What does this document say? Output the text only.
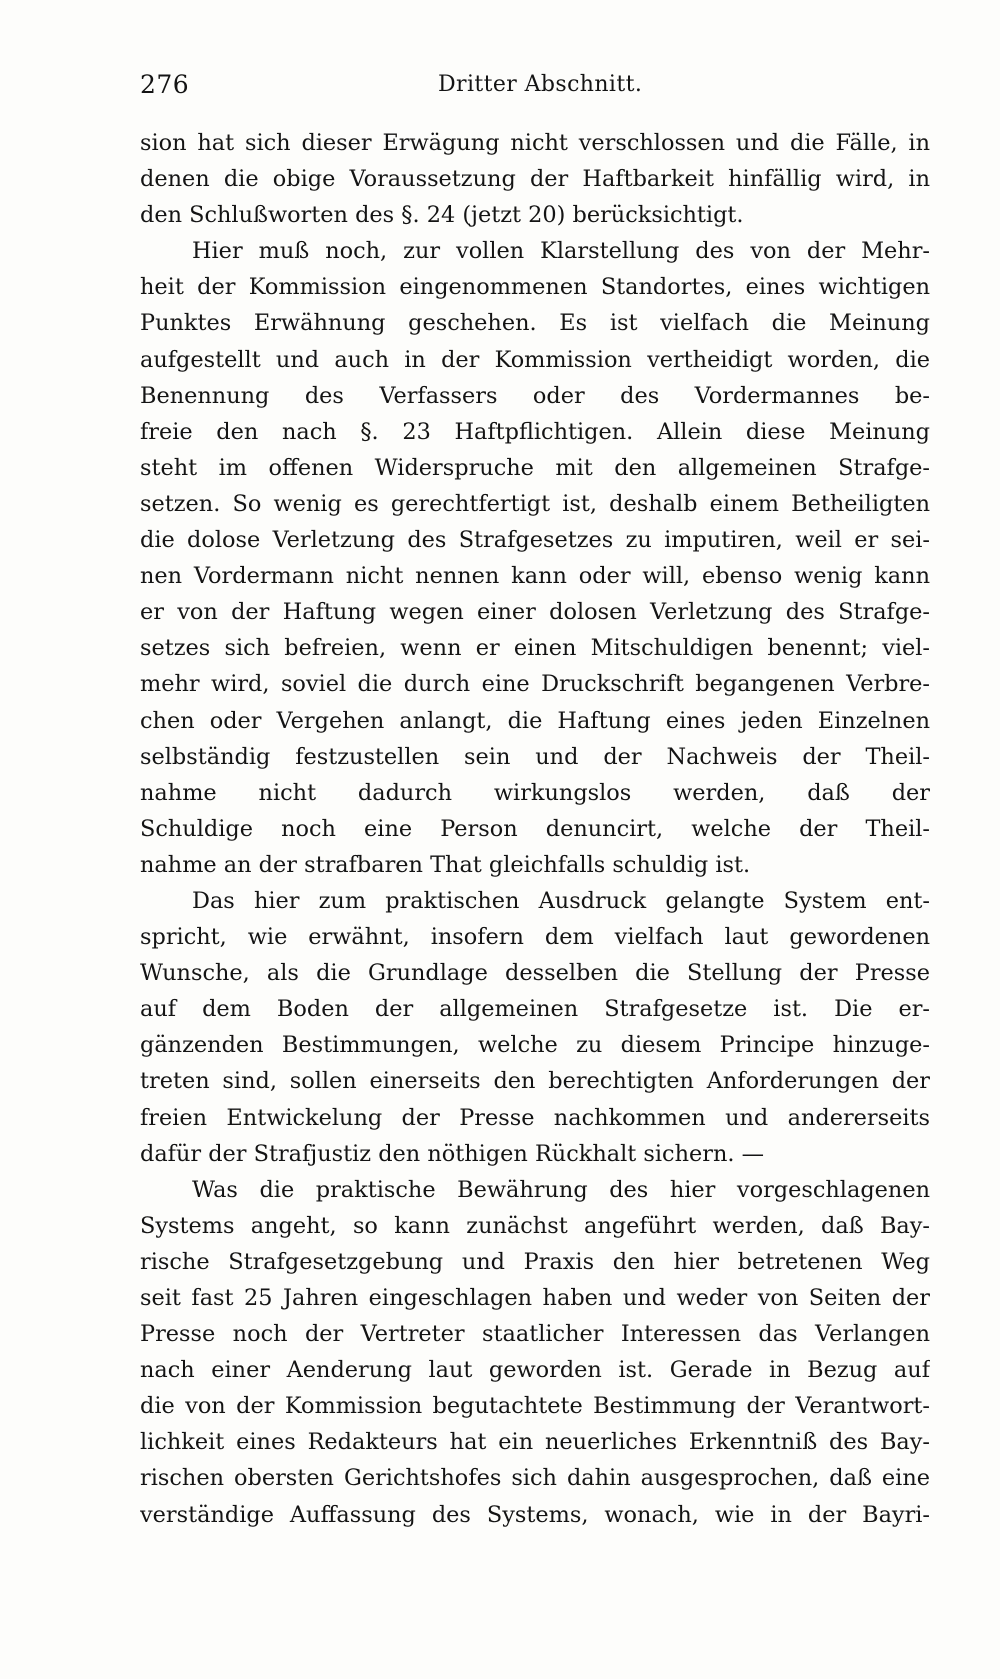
276	Dritter Abschnitt.
sion hat sich dieser Erwägung nicht verschlossen und die Fälle, in
denen die obige Voraussetzung der Haftbarkeit hinfällig wird, in
den Schlußworten des §. 24 (jetzt 20) berücksichtigt.
Hier muß noch, zur vollen Klarstellung des von der Mehr-
heit der Kommission eingenommenen Standortes, eines wichtigen
Punktes Erwähnung geschehen. Es ist vielfach die Meinung
aufgestellt und auch in der Kommission vertheidigt worden, die
Benennung des Verfassers oder des Vordermannes be-
freie den nach §. 23 Haftpflichtigen. Allein diese Meinung
steht im offenen Widerspruche mit den allgemeinen Strafge-
setzen. So wenig es gerechtfertigt ist, deshalb einem Betheiligten
die dolose Verletzung des Strafgesetzes zu imputiren, weil er sei-
nen Vordermann nicht nennen kann oder will, ebenso wenig kann
er von der Haftung wegen einer dolosen Verletzung des Strafge-
setzes sich befreien, wenn er einen Mitschuldigen benennt; viel-
mehr wird, soviel die durch eine Druckschrift begangenen Verbre-
chen oder Vergehen anlangt, die Haftung eines jeden Einzelnen
selbständig festzustellen sein und der Nachweis der Theil-
nahme nicht dadurch wirkungslos werden, daß der
Schuldige noch eine Person denuncirt, welche der Theil-
nahme an der strafbaren That gleichfalls schuldig ist.
Das hier zum praktischen Ausdruck gelangte System ent-
spricht, wie erwähnt, insofern dem vielfach laut gewordenen
Wunsche, als die Grundlage desselben die Stellung der Presse
auf dem Boden der allgemeinen Strafgesetze ist. Die er-
gänzenden Bestimmungen, welche zu diesem Principe hinzuge-
treten sind, sollen einerseits den berechtigten Anforderungen der
freien Entwickelung der Presse nachkommen und andererseits
dafür der Strafjustiz den nöthigen Rückhalt sichern. —
Was die praktische Bewährung des hier vorgeschlagenen
Systems angeht, so kann zunächst angeführt werden, daß Bay-
rische Strafgesetzgebung und Praxis den hier betretenen Weg
seit fast 25 Jahren eingeschlagen haben und weder von Seiten der
Presse noch der Vertreter staatlicher Interessen das Verlangen
nach einer Aenderung laut geworden ist. Gerade in Bezug auf
die von der Kommission begutachtete Bestimmung der Verantwort-
lichkeit eines Redakteurs hat ein neuerliches Erkenntniß des Bay-
rischen obersten Gerichtshofes sich dahin ausgesprochen, daß eine
verständige Auffassung des Systems, wonach, wie in der Bayri-
